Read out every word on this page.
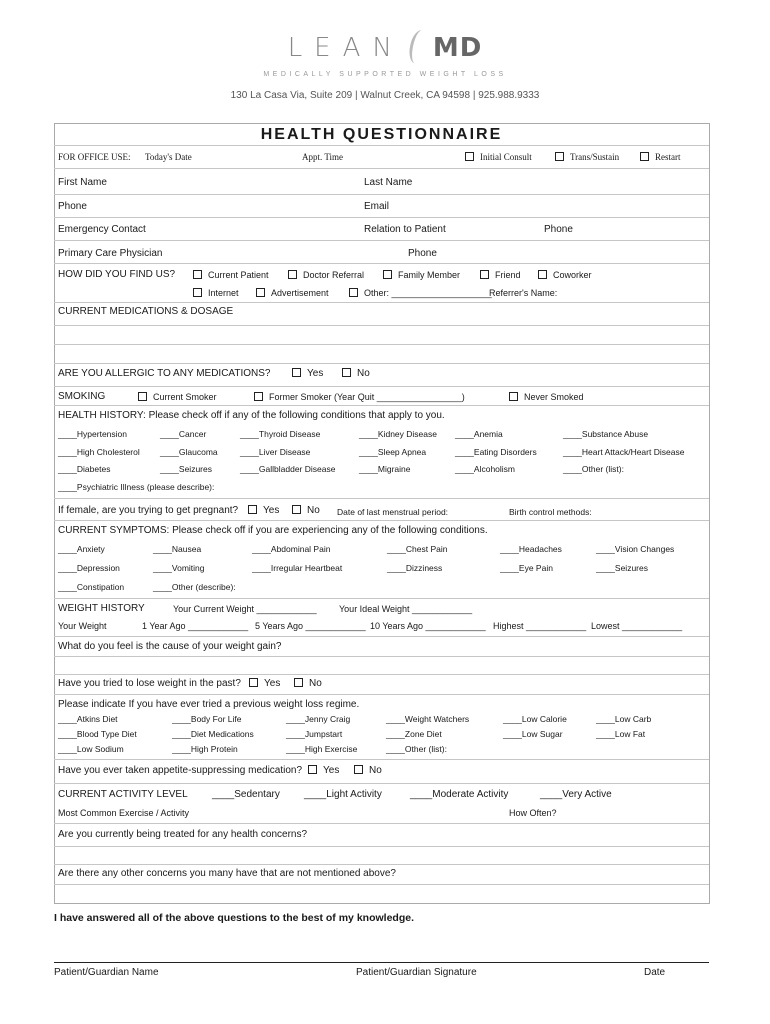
LEAN MD
MEDICALLY SUPPORTED WEIGHT LOSS
130 La Casa Via, Suite 209 | Walnut Creek, CA 94598 | 925.988.9333
HEALTH QUESTIONNAIRE
FOR OFFICE USE: Today's Date	Appt. Time	Initial Consult	Trans/Sustain	Restart
First Name	Last Name
Phone	Email
Emergency Contact	Relation to Patient	Phone
Primary Care Physician	Phone
HOW DID YOU FIND US?	Current Patient	Doctor Referral	Family Member	Friend	Coworker
Internet	Advertisement	Other: ____________________
Referrer's Name:
CURRENT MEDICATIONS & DOSAGE
ARE YOU ALLERGIC TO ANY MEDICATIONS?	Yes	No
SMOKING	Current Smoker	Former Smoker (Year Quit _________________)	Never Smoked
HEALTH HISTORY: Please check off if any of the following conditions that apply to you.
____Hypertension	____Cancer	____Thyroid Disease	____Kidney Disease ____Anemia	____Substance Abuse
____High Cholesterol ____Glaucoma	____Liver Disease	____Sleep Apnea	____Eating Disorders	____Heart Attack/Heart Disease
____Diabetes	____Seizures	____Gallbladder Disease	____Migraine	____Alcoholism	____Other (list):
____Psychiatric Illness (please describe):
If female, are you trying to get pregnant?	Yes	No Date of last menstrual period:	Birth control methods:
CURRENT SYMPTOMS: Please check off if you are experiencing any of the following conditions.
____Anxiety	____Nausea	____Abdominal Pain	____Chest Pain	____Headaches	____Vision Changes
____Depression	____Vomiting	____Irregular Heartbeat	____Dizziness	____Eye Pain	____Seizures
____Constipation	____Other (describe):
WEIGHT HISTORY	Your Current Weight ____________ Your Ideal Weight ____________
Your Weight	1 Year Ago ____________ 5 Years Ago ____________ 10 Years Ago ____________ Highest ____________ Lowest ____________
What do you feel is the cause of your weight gain?
Have you tried to lose weight in the past?	Yes	No
Please indicate If you have ever tried a previous weight loss regime.
____Atkins Diet	____Body For Life	____Jenny Craig	____Weight Watchers	____Low Calorie	____Low Carb
____Blood Type Diet	____Diet Medications	____Jumpstart	____Zone Diet	____Low Sugar	____Low Fat
____Low Sodium	____High Protein	____High Exercise	____Other (list):
Have you ever taken appetite-suppressing medication?	Yes	No
CURRENT ACTIVITY LEVEL ____Sedentary ____Light Activity	____Moderate Activity	____Very Active
Most Common Exercise / Activity	How Often?
Are you currently being treated for any health concerns?
Are there any other concerns you many have that are not mentioned above?
I have answered all of the above questions to the best of my knowledge.
Patient/Guardian Name	Patient/Guardian Signature	Date
